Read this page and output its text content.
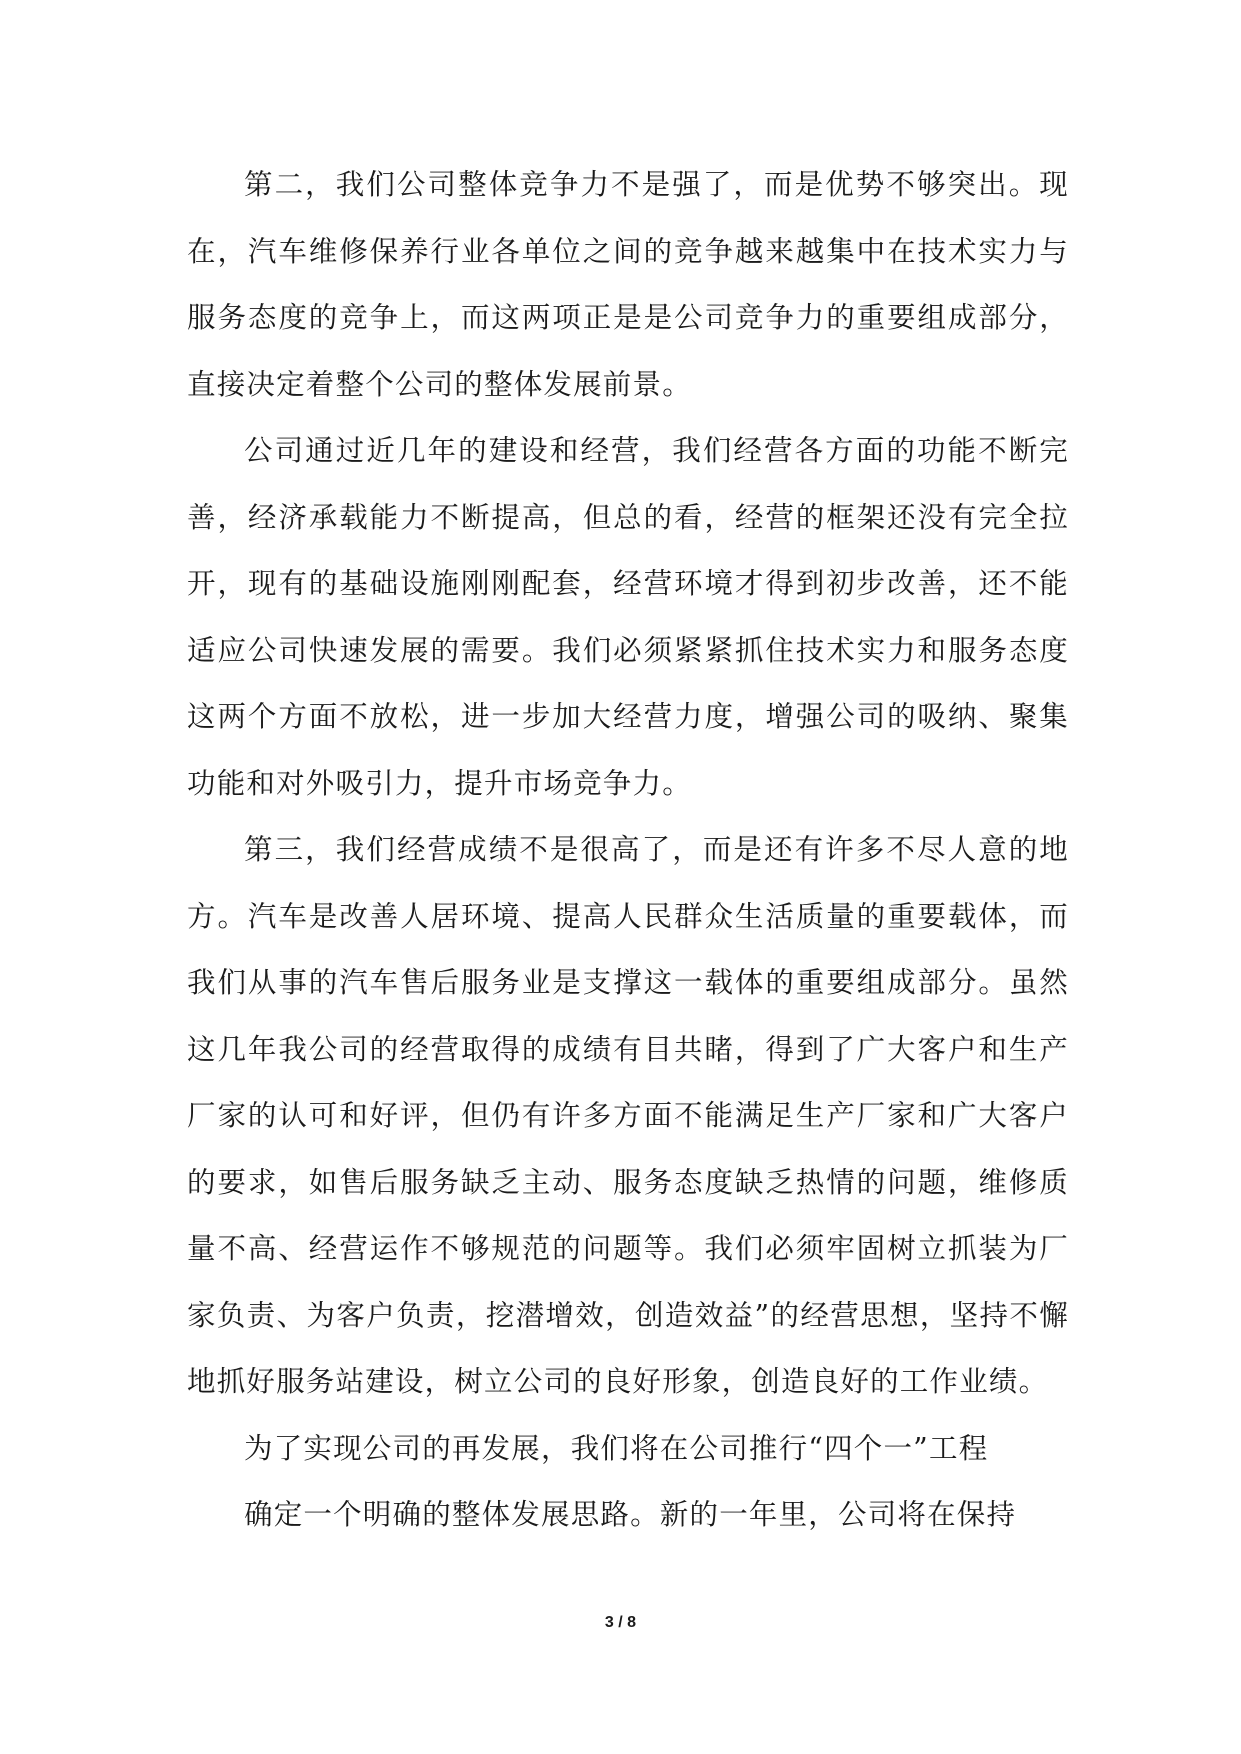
第二，我们公司整体竞争力不是强了，而是优势不够突出。现在，汽车维修保养行业各单位之间的竞争越来越集中在技术实力与服务态度的竞争上，而这两项正是是公司竞争力的重要组成部分，直接决定着整个公司的整体发展前景。

公司通过近几年的建设和经营，我们经营各方面的功能不断完善，经济承载能力不断提高，但总的看，经营的框架还没有完全拉开，现有的基础设施刚刚配套，经营环境才得到初步改善，还不能适应公司快速发展的需要。我们必须紧紧抓住技术实力和服务态度这两个方面不放松，进一步加大经营力度，增强公司的吸纳、聚集功能和对外吸引力，提升市场竞争力。

第三，我们经营成绩不是很高了，而是还有许多不尽人意的地方。汽车是改善人居环境、提高人民群众生活质量的重要载体，而我们从事的汽车售后服务业是支撑这一载体的重要组成部分。虽然这几年我公司的经营取得的成绩有目共睹，得到了广大客户和生产厂家的认可和好评，但仍有许多方面不能满足生产厂家和广大客户的要求，如售后服务缺乏主动、服务态度缺乏热情的问题，维修质量不高、经营运作不够规范的问题等。我们必须牢固树立抓装为厂家负责、为客户负责，挖潜增效，创造效益”的经营思想，坚持不懈地抓好服务站建设，树立公司的良好形象，创造良好的工作业绩。

为了实现公司的再发展，我们将在公司推行“四个一”工程

确定一个明确的整体发展思路。新的一年里，公司将在保持

3 / 8
